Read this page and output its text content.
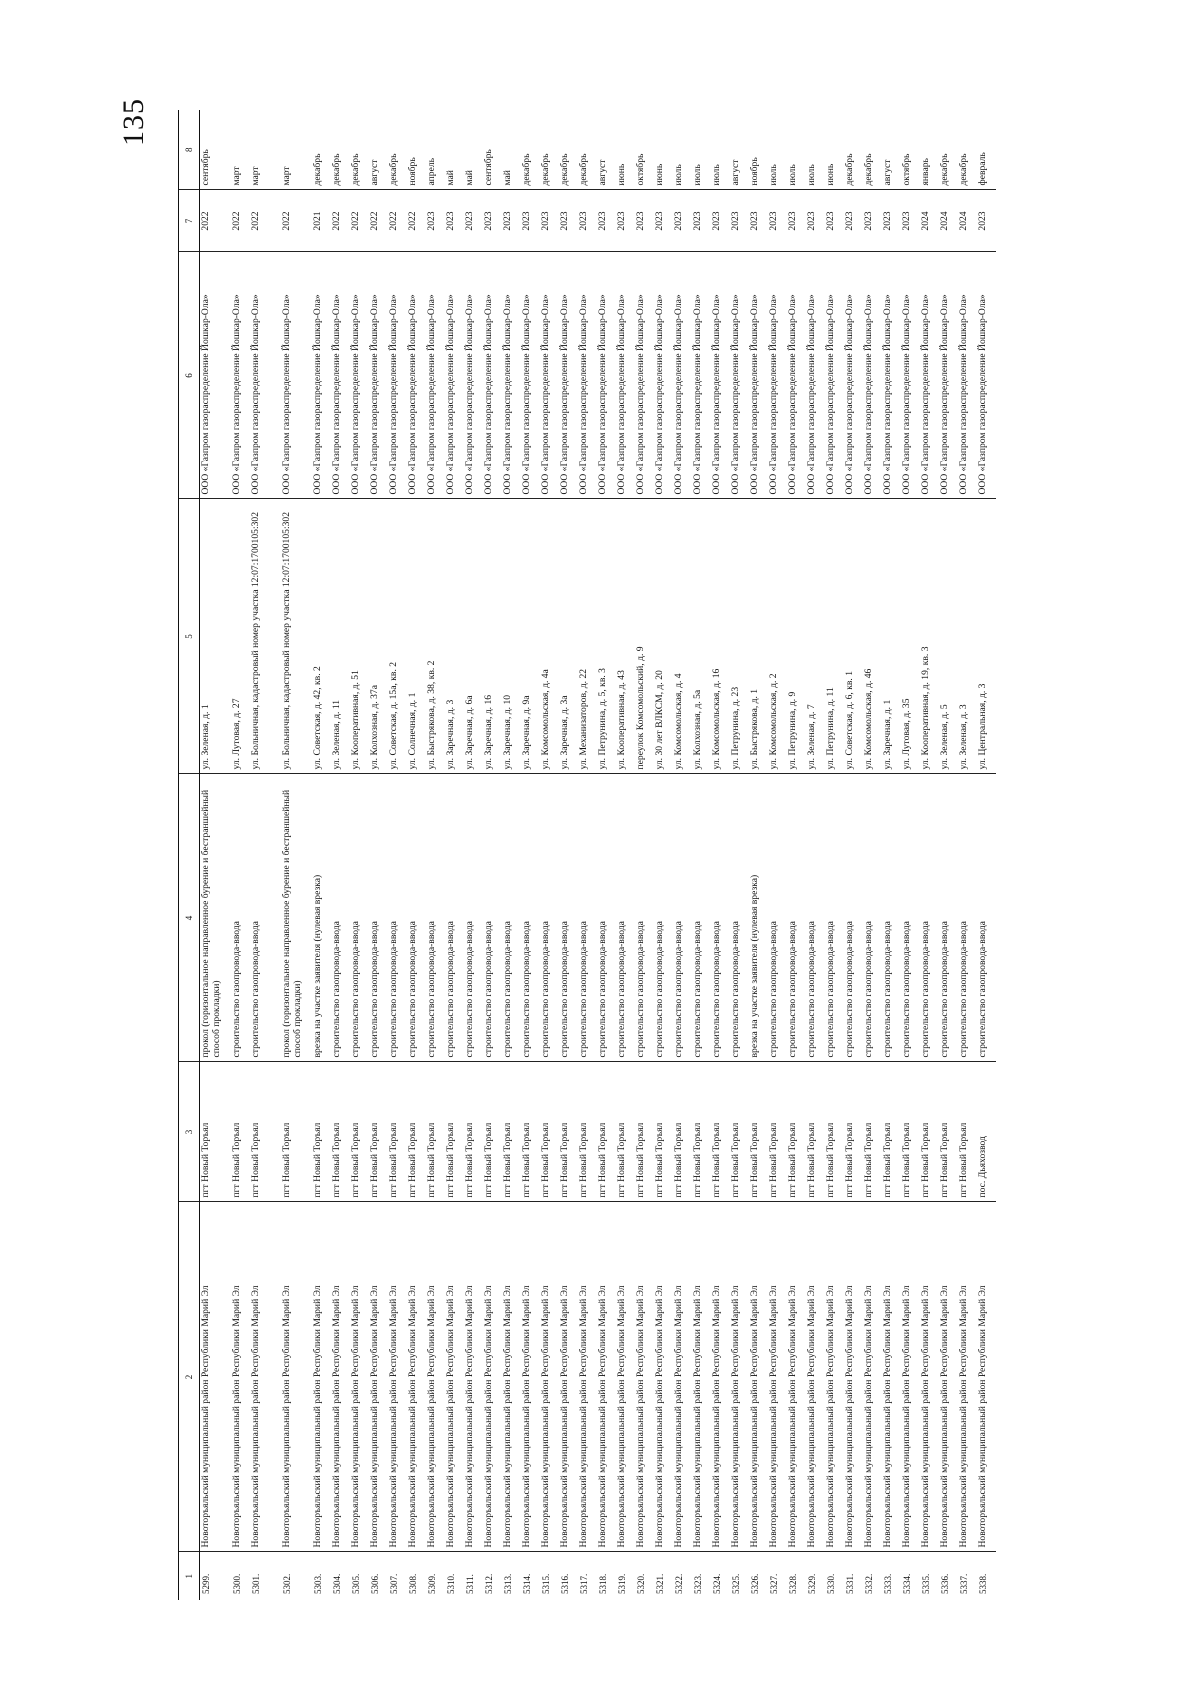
135
1	2	3	4	5	6	7	8
5299.	Новоторъяльский муниципальный район Республики Марий Эл	пгт Новый Торъял	прокол (горизонтальное направленное бурение и бестраншейный способ прокладки)	ул. Зеленая, д. 1	ООО «Газпром газораспределение Йошкар-Ола»	2022	сентябрь
5300.	Новоторъяльский муниципальный район Республики Марий Эл	пгт Новый Торъял	строительство газопровода-ввода	ул. Лутовая, д. 27	ООО «Газпром газораспределение Йошкар-Ола»	2022	март
5301.	Новоторъяльский муниципальный район Республики Марий Эл	пгт Новый Торъял	строительство газопровода-ввода	ул. Больничная, кадастровый номер участка 12:07:1700105:302	ООО «Газпром газораспределение Йошкар-Ола»	2022	март
5302.	Новоторъяльский муниципальный район Республики Марий Эл	пгт Новый Торъял	прокол (горизонтальное направленное бурение и бестраншейный способ прокладки)	ул. Больничная, кадастровый номер участка 12:07:1700105:302	ООО «Газпром газораспределение Йошкар-Ола»	2022	март
5303.	Новоторъяльский муниципальный район Республики Марий Эл	пгт Новый Торъял	врезка на участке заявителя (нулевая врезка)	ул. Советская, д. 42, кв. 2	ООО «Газпром газораспределение Йошкар-Ола»	2021	декабрь
5304.	Новоторъяльский муниципальный район Республики Марий Эл	пгт Новый Торъял	строительство газопровода-ввода	ул. Зеленая, д. 11	ООО «Газпром газораспределение Йошкар-Ола»	2022	декабрь
5305.	Новоторъяльский муниципальный район Республики Марий Эл	пгт Новый Торъял	строительство газопровода-ввода	ул. Кооперативная, д. 51	ООО «Газпром газораспределение Йошкар-Ола»	2022	декабрь
5306.	Новоторъяльский муниципальный район Республики Марий Эл	пгт Новый Торъял	строительство газопровода-ввода	ул. Колхозная, д. 37а	ООО «Газпром газораспределение Йошкар-Ола»	2022	август
5307.	Новоторъяльский муниципальный район Республики Марий Эл	пгт Новый Торъял	строительство газопровода-ввода	ул. Советская, д. 15а, кв. 2	ООО «Газпром газораспределение Йошкар-Ола»	2022	декабрь
5308.	Новоторъяльский муниципальный район Республики Марий Эл	пгт Новый Торъял	строительство газопровода-ввода	ул. Солнечная, д. 1	ООО «Газпром газораспределение Йошкар-Ола»	2022	ноябрь
5309.	Новоторъяльский муниципальный район Республики Марий Эл	пгт Новый Торъял	строительство газопровода-ввода	ул. Быстрякова, д. 38, кв. 2	ООО «Газпром газораспределение Йошкар-Ола»	2023	апрель
5310.	Новоторъяльский муниципальный район Республики Марий Эл	пгт Новый Торъял	строительство газопровода-ввода	ул. Заречная, д. 3	ООО «Газпром газораспределение Йошкар-Ола»	2023	май
5311.	Новоторъяльский муниципальный район Республики Марий Эл	пгт Новый Торъял	строительство газопровода-ввода	ул. Заречная, д. 6а	ООО «Газпром газораспределение Йошкар-Ола»	2023	май
5312.	Новоторъяльский муниципальный район Республики Марий Эл	пгт Новый Торъял	строительство газопровода-ввода	ул. Заречная, д. 16	ООО «Газпром газораспределение Йошкар-Ола»	2023	сентябрь
5313.	Новоторъяльский муниципальный район Республики Марий Эл	пгт Новый Торъял	строительство газопровода-ввода	ул. Заречная, д. 10	ООО «Газпром газораспределение Йошкар-Ола»	2023	май
5314.	Новоторъяльский муниципальный район Республики Марий Эл	пгт Новый Торъял	строительство газопровода-ввода	ул. Заречная, д. 9а	ООО «Газпром газораспределение Йошкар-Ола»	2023	декабрь
5315.	Новоторъяльский муниципальный район Республики Марий Эл	пгт Новый Торъял	строительство газопровода-ввода	ул. Комсомольская, д. 4а	ООО «Газпром газораспределение Йошкар-Ола»	2023	декабрь
5316.	Новоторъяльский муниципальный район Республики Марий Эл	пгт Новый Торъял	строительство газопровода-ввода	ул. Заречная, д. 3а	ООО «Газпром газораспределение Йошкар-Ола»	2023	декабрь
5317.	Новоторъяльский муниципальный район Республики Марий Эл	пгт Новый Торъял	строительство газопровода-ввода	ул. Механизаторов, д. 22	ООО «Газпром газораспределение Йошкар-Ола»	2023	декабрь
5318.	Новоторъяльский муниципальный район Республики Марий Эл	пгт Новый Торъял	строительство газопровода-ввода	ул. Петрунина, д. 5, кв. 3	ООО «Газпром газораспределение Йошкар-Ола»	2023	август
5319.	Новоторъяльский муниципальный район Республики Марий Эл	пгт Новый Торъял	строительство газопровода-ввода	ул. Кооперативная, д. 43	ООО «Газпром газораспределение Йошкар-Ола»	2023	июнь
5320.	Новоторъяльский муниципальный район Республики Марий Эл	пгт Новый Торъял	строительство газопровода-ввода	переулок Комсомольский, д. 9	ООО «Газпром газораспределение Йошкар-Ола»	2023	октябрь
5321.	Новоторъяльский муниципальный район Республики Марий Эл	пгт Новый Торъял	строительство газопровода-ввода	ул. 30 лет ВЛКСМ, д. 20	ООО «Газпром газораспределение Йошкар-Ола»	2023	июнь
5322.	Новоторъяльский муниципальный район Республики Марий Эл	пгт Новый Торъял	строительство газопровода-ввода	ул. Комсомольская, д. 4	ООО «Газпром газораспределение Йошкар-Ола»	2023	июль
5323.	Новоторъяльский муниципальный район Республики Марий Эл	пгт Новый Торъял	строительство газопровода-ввода	ул. Колхозная, д. 5а	ООО «Газпром газораспределение Йошкар-Ола»	2023	июль
5324.	Новоторъяльский муниципальный район Республики Марий Эл	пгт Новый Торъял	строительство газопровода-ввода	ул. Комсомольская, д. 16	ООО «Газпром газораспределение Йошкар-Ола»	2023	июль
5325.	Новоторъяльский муниципальный район Республики Марий Эл	пгт Новый Торъял	строительство газопровода-ввода	ул. Петрунина, д. 23	ООО «Газпром газораспределение Йошкар-Ола»	2023	август
5326.	Новоторъяльский муниципальный район Республики Марий Эл	пгт Новый Торъял	врезка на участке заявителя (нулевая врезка)	ул. Быстрякова, д. 1	ООО «Газпром газораспределение Йошкар-Ола»	2023	ноябрь
5327.	Новоторъяльский муниципальный район Республики Марий Эл	пгт Новый Торъял	строительство газопровода-ввода	ул. Комсомольская, д. 2	ООО «Газпром газораспределение Йошкар-Ола»	2023	июль
5328.	Новоторъяльский муниципальный район Республики Марий Эл	пгт Новый Торъял	строительство газопровода-ввода	ул. Петрунина, д. 9	ООО «Газпром газораспределение Йошкар-Ола»	2023	июль
5329.	Новоторъяльский муниципальный район Республики Марий Эл	пгт Новый Торъял	строительство газопровода-ввода	ул. Зеленая, д. 7	ООО «Газпром газораспределение Йошкар-Ола»	2023	июль
5330.	Новоторъяльский муниципальный район Республики Марий Эл	пгт Новый Торъял	строительство газопровода-ввода	ул. Петрунина, д. 11	ООО «Газпром газораспределение Йошкар-Ола»	2023	июнь
5331.	Новоторъяльский муниципальный район Республики Марий Эл	пгт Новый Торъял	строительство газопровода-ввода	ул. Советская, д. 6, кв. 1	ООО «Газпром газораспределение Йошкар-Ола»	2023	декабрь
5332.	Новоторъяльский муниципальный район Республики Марий Эл	пгт Новый Торъял	строительство газопровода-ввода	ул. Комсомольская, д. 46	ООО «Газпром газораспределение Йошкар-Ола»	2023	декабрь
5333.	Новоторъяльский муниципальный район Республики Марий Эл	пгт Новый Торъял	строительство газопровода-ввода	ул. Заречная, д. 1	ООО «Газпром газораспределение Йошкар-Ола»	2023	август
5334.	Новоторъяльский муниципальный район Республики Марий Эл	пгт Новый Торъял	строительство газопровода-ввода	ул. Лутовая, д. 35	ООО «Газпром газораспределение Йошкар-Ола»	2023	октябрь
5335.	Новоторъяльский муниципальный район Республики Марий Эл	пгт Новый Торъял	строительство газопровода-ввода	ул. Кооперативная, д. 19, кв. 3	ООО «Газпром газораспределение Йошкар-Ола»	2024	январь
5336.	Новоторъяльский муниципальный район Республики Марий Эл	пгт Новый Торъял	строительство газопровода-ввода	ул. Зеленая, д. 5	ООО «Газпром газораспределение Йошкар-Ола»	2024	декабрь
5337.	Новоторъяльский муниципальный район Республики Марий Эл	пгт Новый Торъял	строительство газопровода-ввода	ул. Зеленая, д. 3	ООО «Газпром газораспределение Йошкар-Ола»	2024	декабрь
5338.	Новоторъяльский муниципальный район Республики Марий Эл	пос. Дьяхозвод	строительство газопровода-ввода	ул. Центральная, д. 3	ООО «Газпром газораспределение Йошкар-Ола»	2023	февраль
